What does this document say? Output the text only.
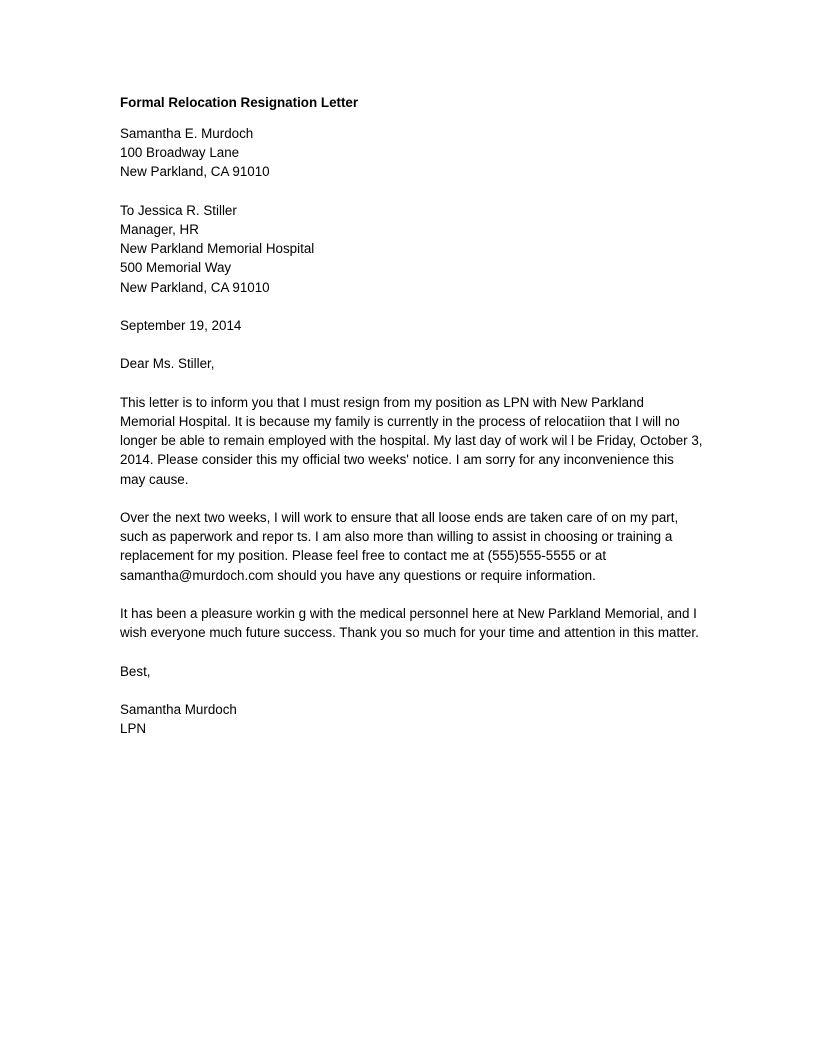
Formal Relocation Resignation Letter
Samantha E. Murdoch
100 Broadway Lane
New Parkland, CA 91010
To Jessica R. Stiller
Manager, HR
New Parkland Memorial Hospital
500 Memorial Way
New Parkland, CA 91010
September 19, 2014
Dear Ms. Stiller,
This letter is to inform you that I must resign from my position as LPN with New Parkland
Memorial Hospital. It is because my family is currently in the process of relocatiion that I will no
longer be able to remain employed with the hospital. My last day of work wil l be Friday, October 3,
2014. Please consider this my official two weeks' notice. I am sorry for any inconvenience this
may cause.
Over the next two weeks, I will work to ensure that all loose ends are taken care of on my part,
such as paperwork and repor ts. I am also more than willing to assist in choosing or training a
replacement for my position. Please feel free to contact me at (555)555-5555 or at
samantha@murdoch.com should you have any questions or require information.
It has been a pleasure workin g with the medical personnel here at New Parkland Memorial, and I
wish everyone much future success. Thank you so much for your time and attention in this matter.
Best,
Samantha Murdoch
LPN
